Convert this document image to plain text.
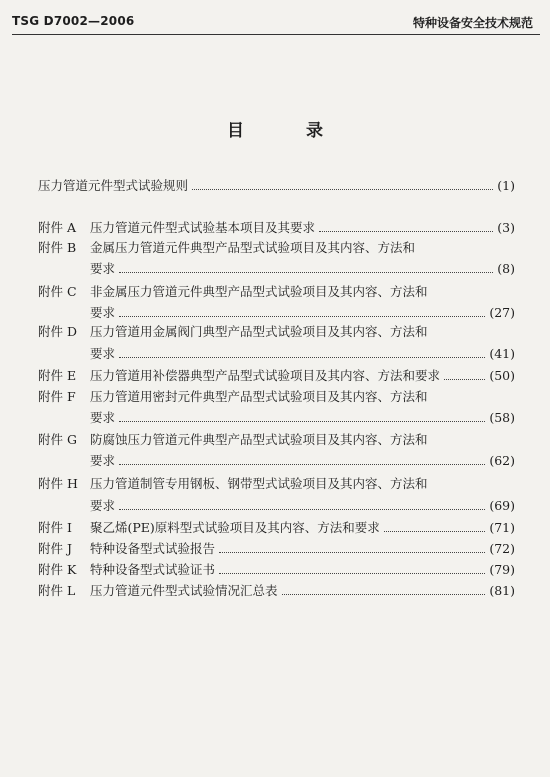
TSG D7002—2006	特种设备安全技术规范
目 录
压力管道元件型式试验规则	(1)
附件 A	压力管道元件型式试验基本项目及其要求	(3)
附件 B	金属压力管道元件典型产品型式试验项目及其内容、方法和
要求	(8)
附件 C	非金属压力管道元件典型产品型式试验项目及其内容、方法和
要求	(27)
附件 D	压力管道用金属阀门典型产品型式试验项目及其内容、方法和
要求	(41)
附件 E	压力管道用补偿器典型产品型式试验项目及其内容、方法和要求	(50)
附件 F	压力管道用密封元件典型产品型式试验项目及其内容、方法和
要求	(58)
附件 G	防腐蚀压力管道元件典型产品型式试验项目及其内容、方法和
要求	(62)
附件 H 压力管道制管专用钢板、钢带型式试验项目及其内容、方法和
要求	(69)
附件 I	聚乙烯(PE)原料型式试验项目及其内容、方法和要求	(71)
附件 J	特种设备型式试验报告	(72)
附件 K	特种设备型式试验证书	(79)
附件 L	压力管道元件型式试验情况汇总表	(81)
